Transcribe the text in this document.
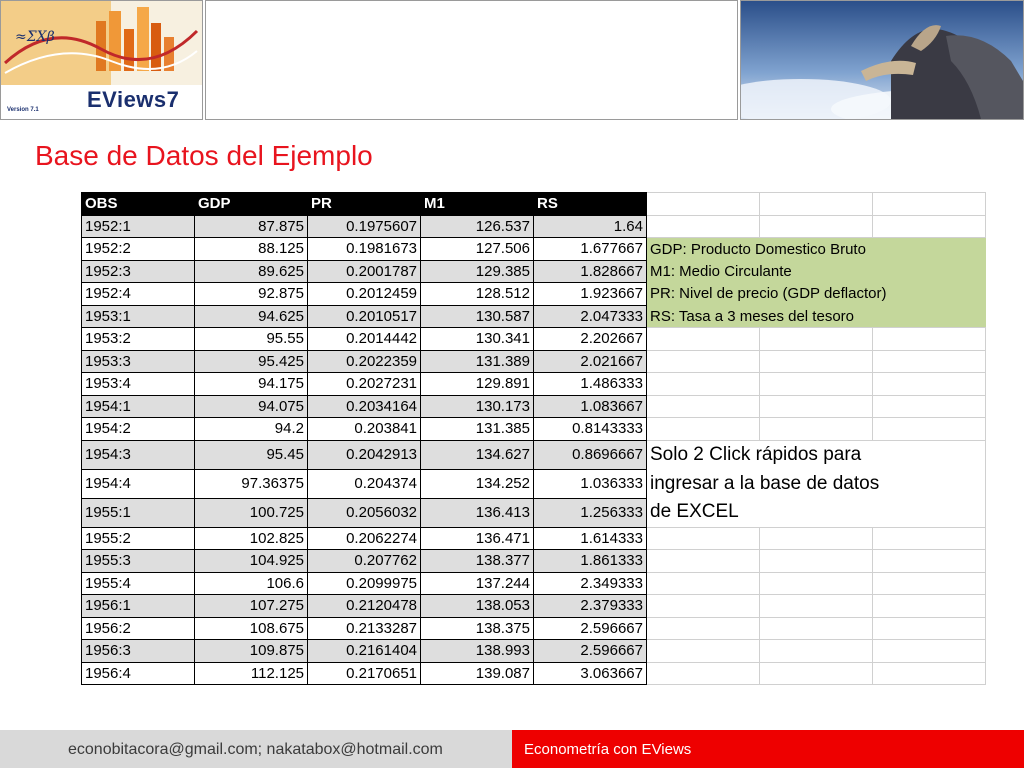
≈ΣXβ
EViews7
Version 7.1
Base de Datos del Ejemplo
OBS	GDP	PR	M1	RS			
1952:1	87.875	0.1975607	126.537	1.64			
1952:2	88.125	0.1981673	127.506	1.677667	GDP: Producto Domestico Bruto		
1952:3	89.625	0.2001787	129.385	1.828667	M1: Medio Circulante		
1952:4	92.875	0.2012459	128.512	1.923667	PR: Nivel de precio (GDP deflactor)		
1953:1	94.625	0.2010517	130.587	2.047333	RS: Tasa a 3 meses del tesoro		
1953:2	95.55	0.2014442	130.341	2.202667			
1953:3	95.425	0.2022359	131.389	2.021667			
1953:4	94.175	0.2027231	129.891	1.486333			
1954:1	94.075	0.2034164	130.173	1.083667			
1954:2	94.2	0.203841	131.385	0.8143333			
1954:3	95.45	0.2042913	134.627	0.8696667	Solo 2 Click rápidos para		
1954:4	97.36375	0.204374	134.252	1.036333	ingresar a la base de datos		
1955:1	100.725	0.2056032	136.413	1.256333	de EXCEL		
1955:2	102.825	0.2062274	136.471	1.614333			
1955:3	104.925	0.207762	138.377	1.861333			
1955:4	106.6	0.2099975	137.244	2.349333			
1956:1	107.275	0.2120478	138.053	2.379333			
1956:2	108.675	0.2133287	138.375	2.596667			
1956:3	109.875	0.2161404	138.993	2.596667			
1956:4	112.125	0.2170651	139.087	3.063667			
econobitacora@gmail.com; nakatabox@hotmail.com	Econometría con EViews
